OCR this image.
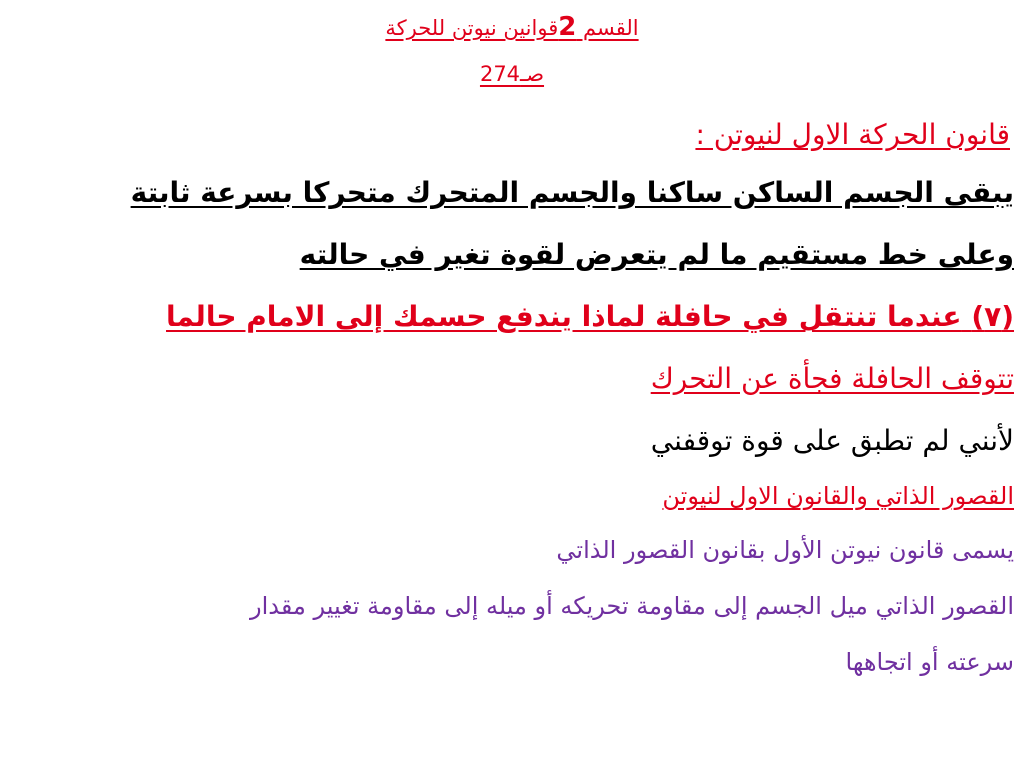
القسم 2قوانين نيوتن للحركة
صـ274
قانون الحركة الاول لنيوتن :
يبقى الجسم الساكن ساكنا والجسم المتحرك متحركا بسرعة ثابتة
وعلى خط مستقيم ما لم يتعرض لقوة تغير في حالته
(٧) عندما تنتقل في حافلة لماذا يندفع حسمك إلى الامام حالما
تتوقف الحافلة فجأة عن التحرك
لأنني لم تطبق على قوة توقفني
القصور الذاتي والقانون الاول لنيوتن
يسمى قانون نيوتن الأول بقانون القصور الذاتي
القصور الذاتي ميل الجسم إلى مقاومة تحريكه أو ميله إلى مقاومة تغيير مقدار
سرعته أو اتجاهها
